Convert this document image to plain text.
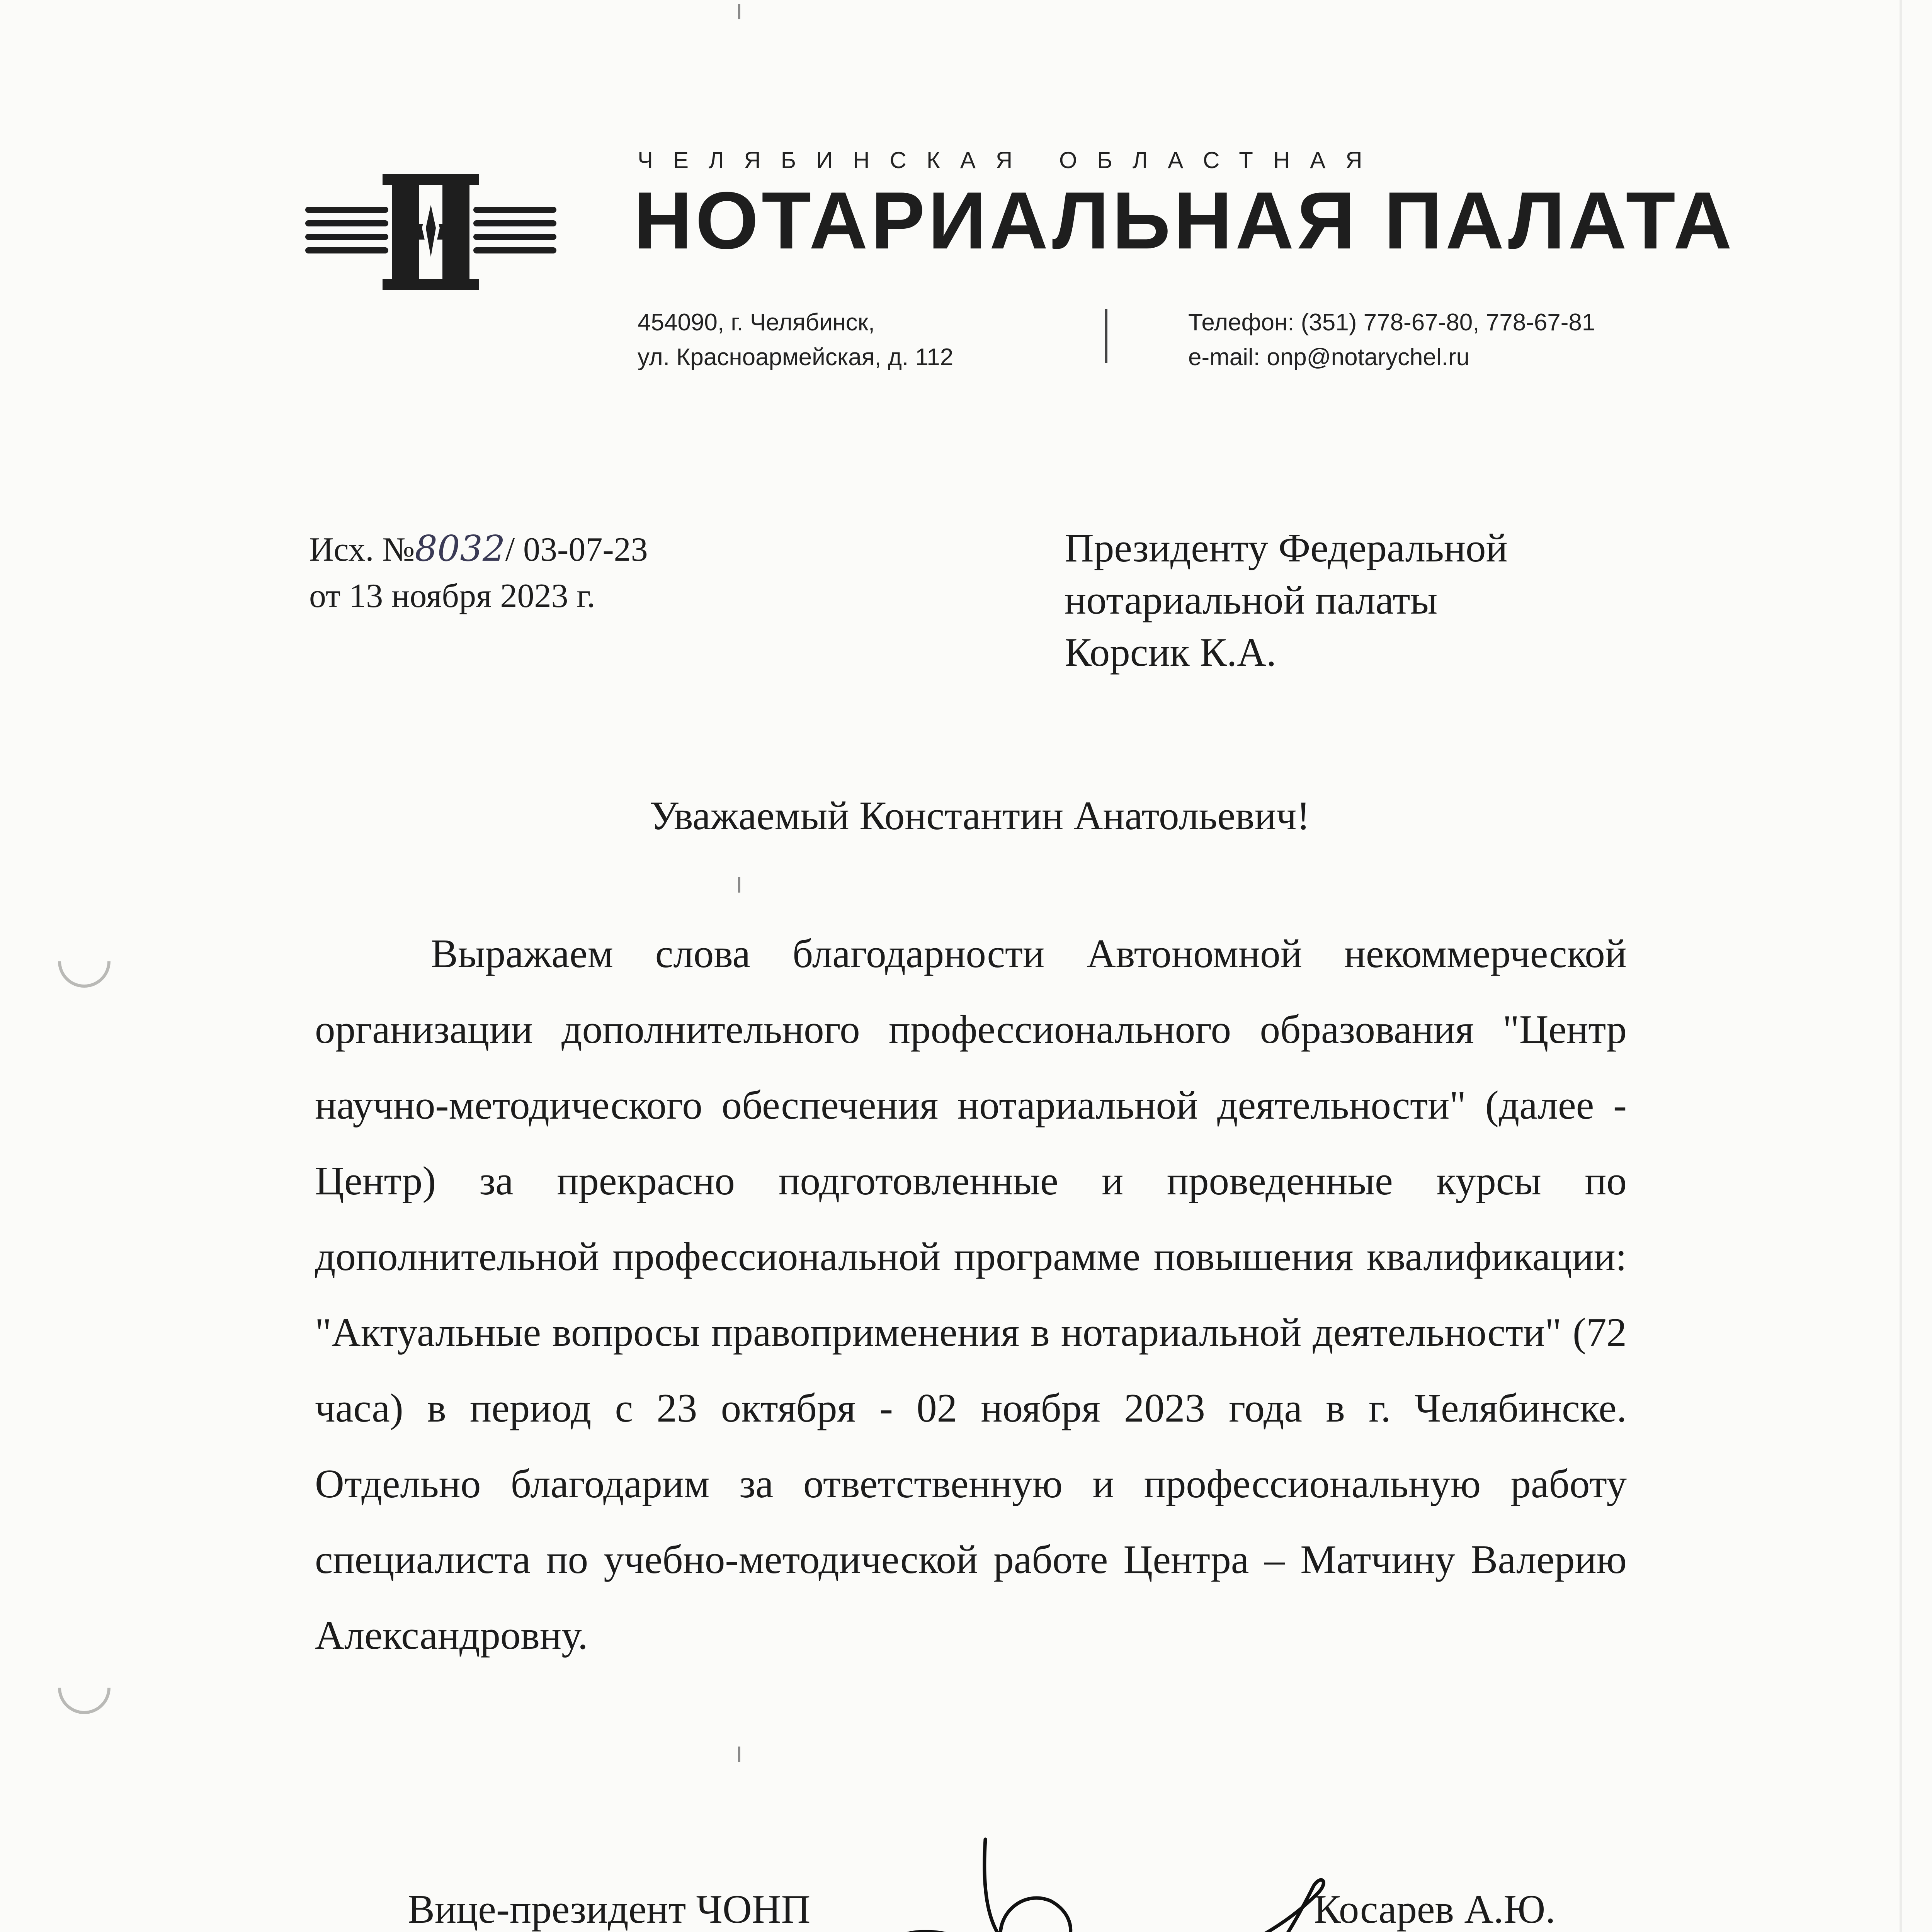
ЧЕЛЯБИНСКАЯ ОБЛАСТНАЯ
НОТАРИАЛЬНАЯ ПАЛАТА
454090, г. Челябинск,
ул. Красноармейская, д. 112
Телефон: (351) 778-67-80, 778-67-81
e-mail: onp@notarychel.ru
Исх. №8032/ 03-07-23
от 13 ноября 2023 г.
Президенту Федеральной
нотариальной палаты
Корсик К.А.
Уважаемый Константин Анатольевич!
Выражаем слова благодарности Автономной некоммерческой организации дополнительного профессионального образования "Центр научно-методического обеспечения нотариальной деятельности" (далее - Центр) за прекрасно подготовленные и проведенные курсы по дополнительной профессиональной программе повышения квалификации: "Актуальные вопросы правоприменения в нотариальной деятельности" (72 часа) в период с 23 октября - 02 ноября 2023 года в г. Челябинске. Отдельно благодарим за ответственную и профессиональную работу специалиста по учебно-методической работе Центра – Матчину Валерию Александровну.
Вице-президент ЧОНП	Косарев А.Ю.
